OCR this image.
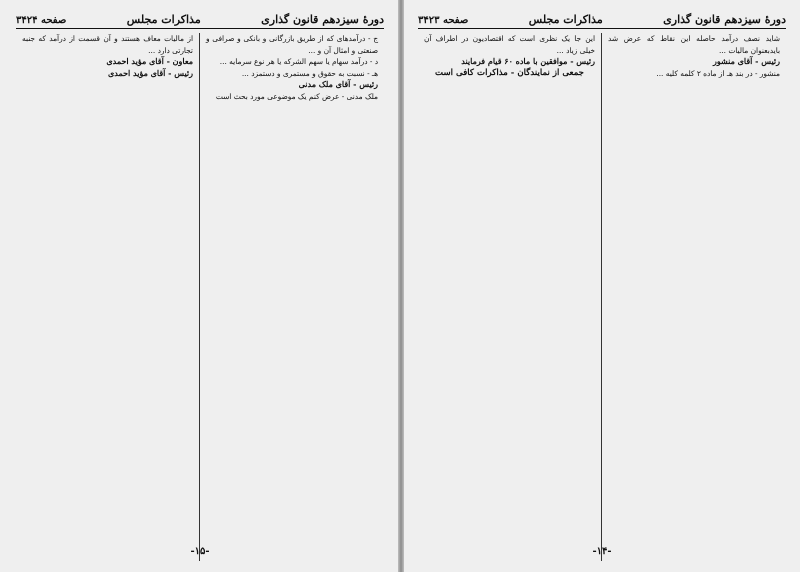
دورهٔ سیزدهم قانون گذاری
مذاکرات مجلس
صفحه ۳۴۲۴

ج - درآمدهای که از طریق بازرگانی و بانکی و صرافی و صنعتی و امثال آن و ...

د - درآمد سهام یا سهم الشرکه یا هر نوع سرمایه ...

هـ - نسبت به حقوق و مستمری و دستمزد ...

رئیس - آقای ملک مدنی

ملک مدنی - عرض کنم یک موضوعی مورد بحث است

از مالیات معاف هستند و آن قسمت از درآمد که جنبه تجارتی دارد ...

معاون - آقای مؤید احمدی

رئیس - آقای مؤید احمدی

-۱۵-
دورهٔ سیزدهم قانون گذاری
مذاکرات مجلس
صفحه ۳۴۲۳

شاید نصف درآمد حاصله این نقاط که عرض شد بایدبعنوان مالیات ...

رئیس - آقای منشور

منشور - در بند هـ از ماده ۲ کلمه کلیه ...

این جا یک نظری است که اقتصادیون در اطراف آن خیلی زیاد ...

رئیس - موافقین با ماده ۶۰ قیام فرمایند

جمعی از نمایندگان - مذاکرات کافی است

-۱۴-
